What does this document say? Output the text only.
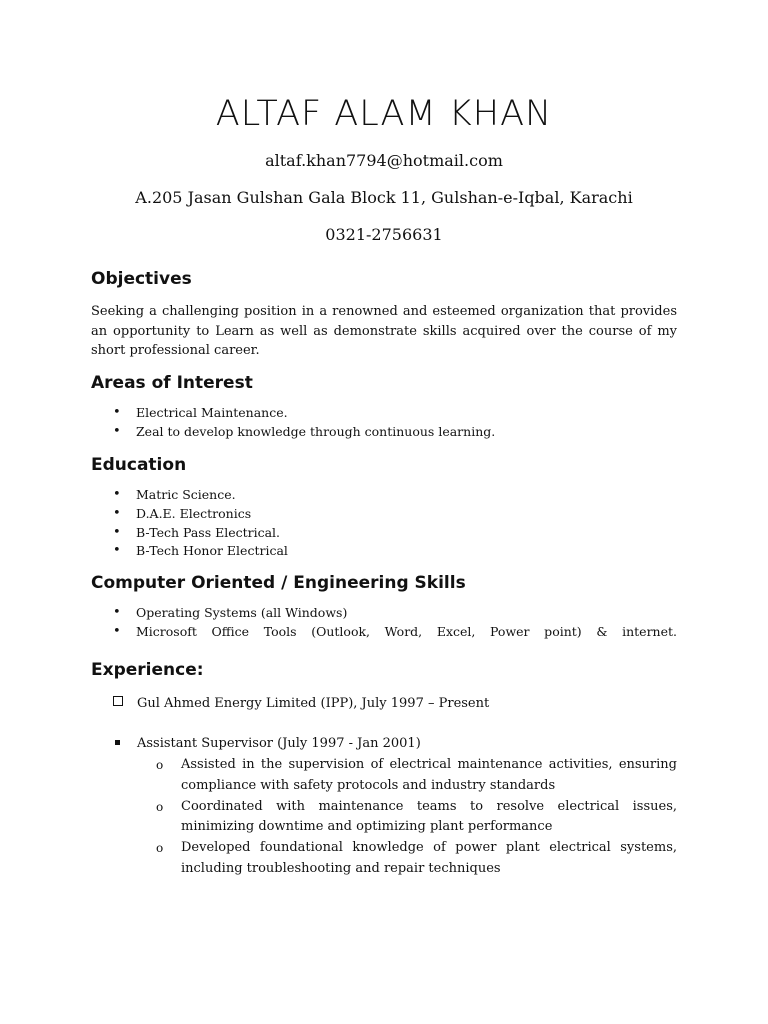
ALTAF ALAM KHAN
altaf.khan7794@hotmail.com
A.205 Jasan Gulshan Gala Block 11, Gulshan-e-Iqbal, Karachi
0321-2756631
Objectives

Seeking a challenging position in a renowned and esteemed organization that provides an opportunity to Learn as well as demonstrate skills acquired over the course of my short professional career.

Areas of Interest
• Electrical Maintenance.
• Zeal to develop knowledge through continuous learning.
Education
• Matric Science.
• D.A.E. Electronics
• B-Tech Pass Electrical.
• B-Tech Honor Electrical
Computer Oriented / Engineering Skills
• Operating Systems (all Windows)
• Microsoft Office Tools (Outlook, Word, Excel, Power point) & internet.
Experience:
Gul Ahmed Energy Limited (IPP), July 1997 – Present
Assistant Supervisor (July 1997 - Jan 2001)
o Assisted in the supervision of electrical maintenance activities, ensuring compliance with safety protocols and industry standards
o Coordinated with maintenance teams to resolve electrical issues, minimizing downtime and optimizing plant performance
o Developed foundational knowledge of power plant electrical systems, including troubleshooting and repair techniques
